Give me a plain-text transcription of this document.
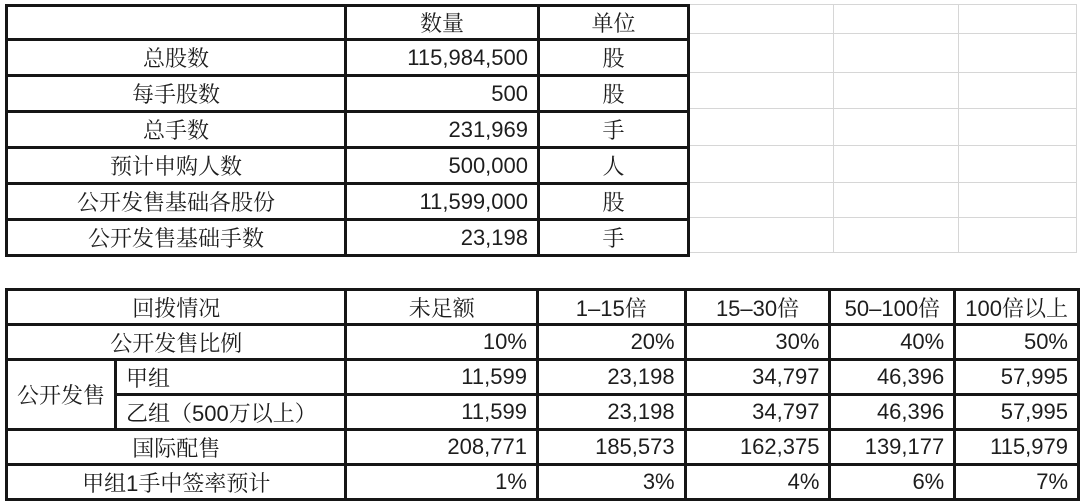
	数量	单位
总股数	115,984,500	股
每手股数	500	股
总手数	231,969	手
预计申购人数	500,000	人
公开发售基础各股份	11,599,000	股
公开发售基础手数	23,198	手
回拨情况		未足额	1–15倍	15–30倍	50–100倍	100倍以上
公开发售比例		10%	20%	30%	40%	50%
公开发售	甲组	11,599	23,198	34,797	46,396	57,995
	乙组（500万以上）	11,599	23,198	34,797	46,396	57,995
国际配售		208,771	185,573	162,375	139,177	115,979
甲组1手中签率预计		1%	3%	4%	6%	7%
